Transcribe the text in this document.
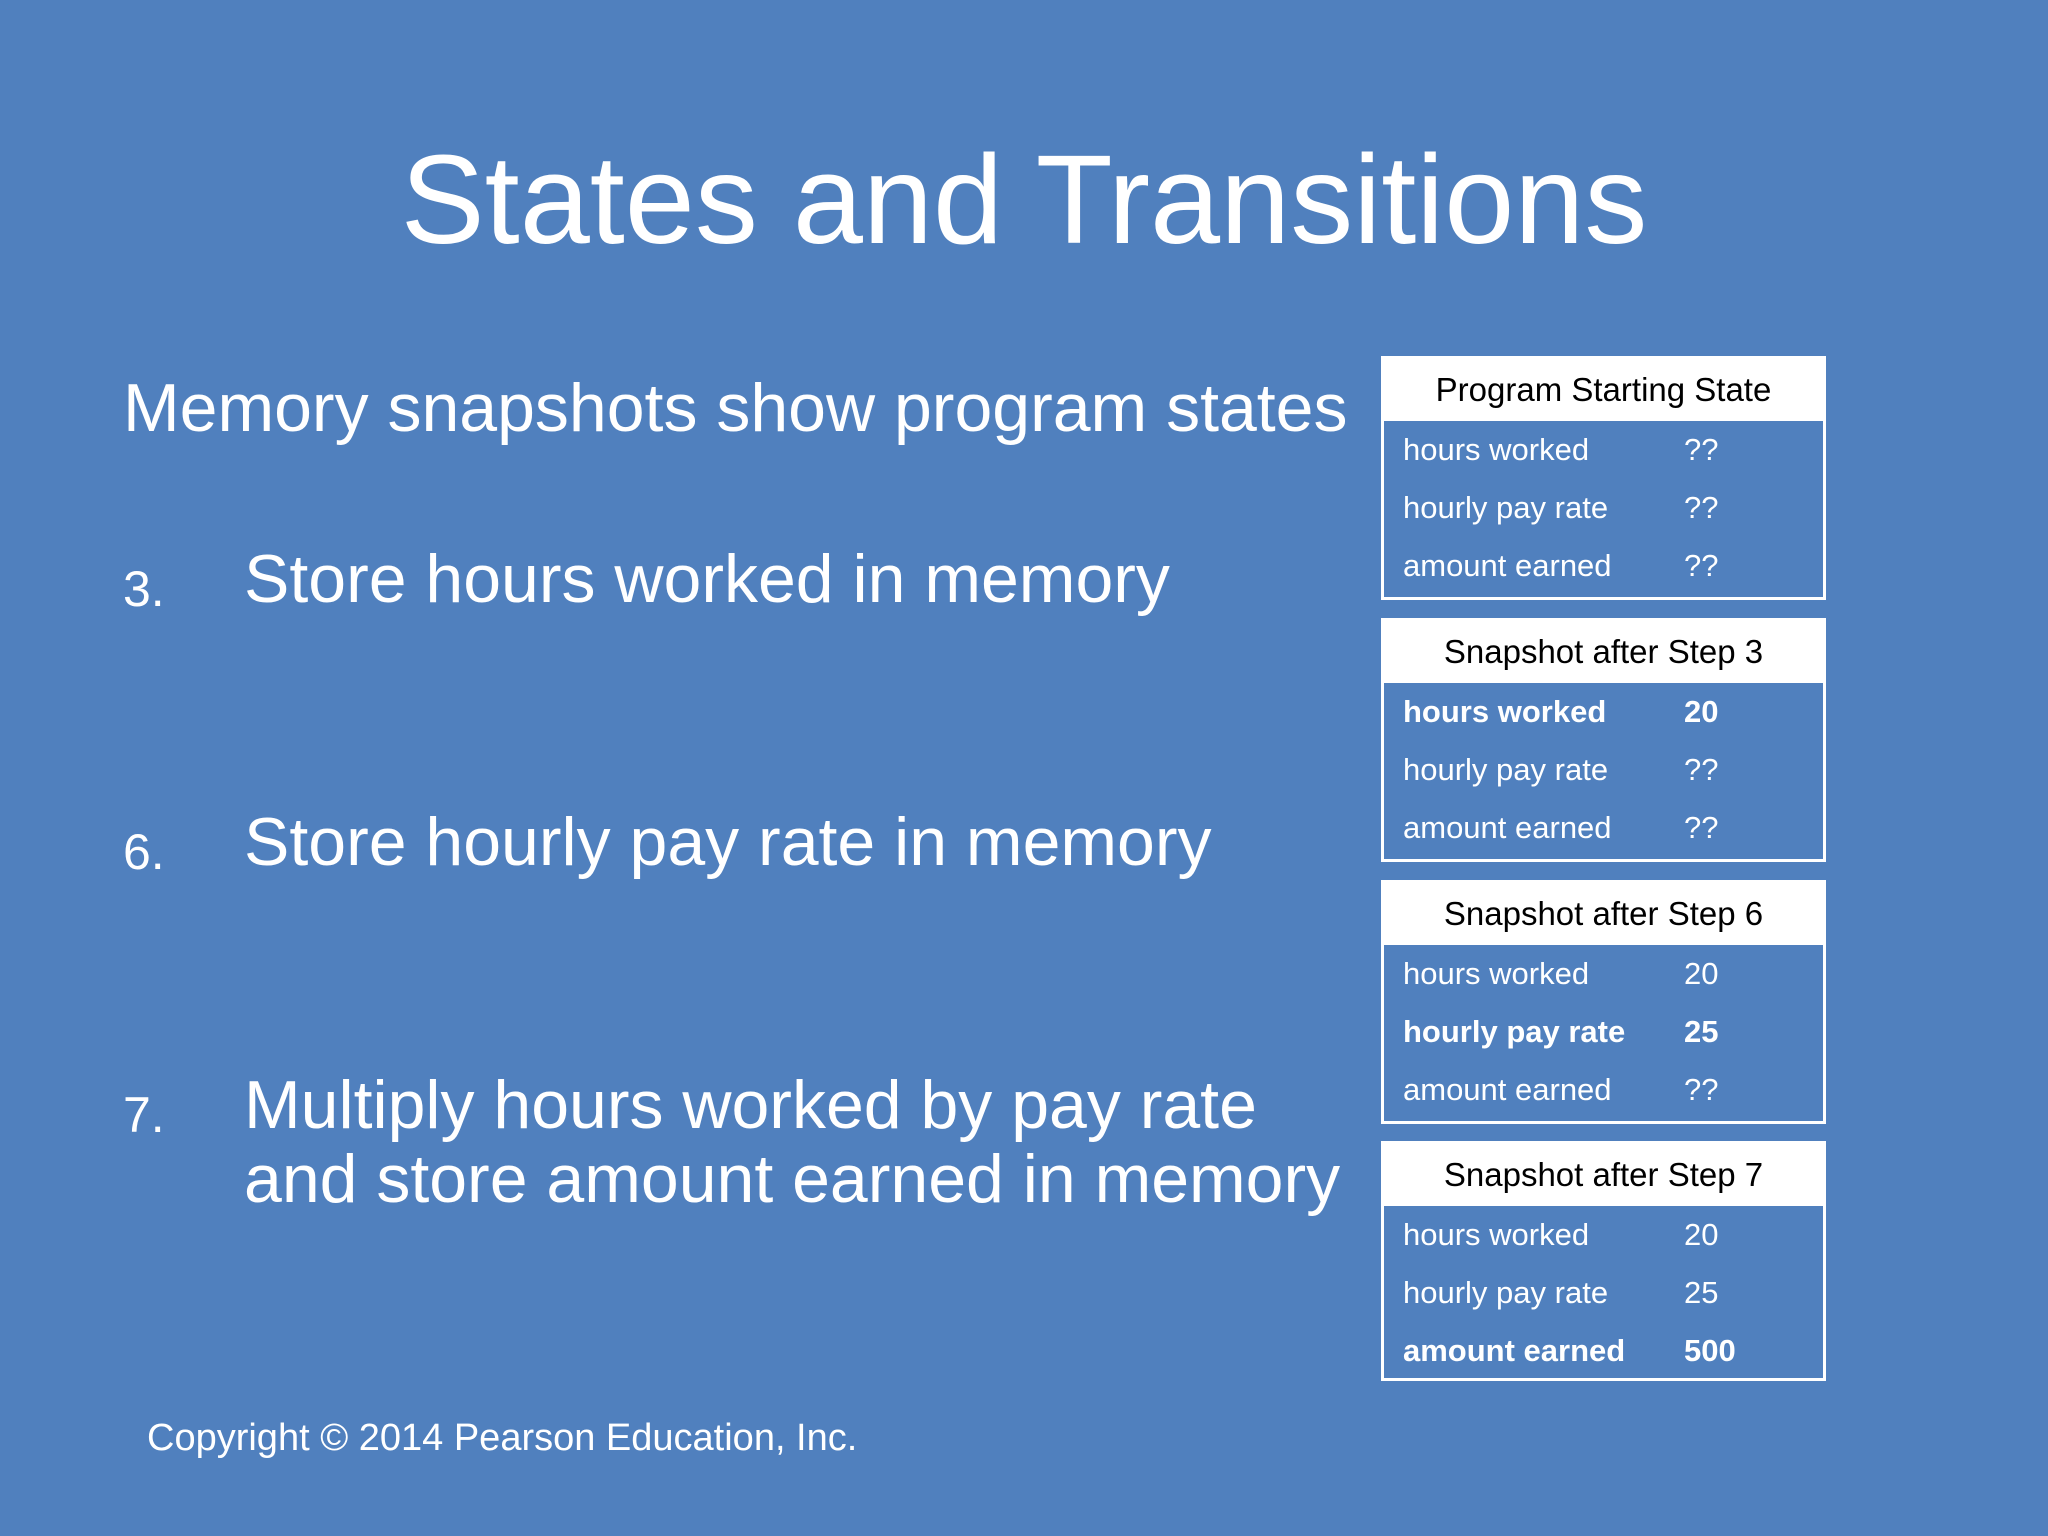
States and Transitions

Memory snapshots show program states

3. Store hours worked in memory
6. Store hourly pay rate in memory
7. Multiply hours worked by pay rate
and store amount earned in memory
Program Starting State
hours worked	??
hourly pay rate ??
amount earned ??
Snapshot after Step 3
hours worked	20
hourly pay rate ??
amount earned ??
Snapshot after Step 6
hours worked	20
hourly pay rate 25
amount earned ??
Snapshot after Step 7
hours worked	20
hourly pay rate 25
amount earned 500
Copyright © 2014 Pearson Education, Inc.
